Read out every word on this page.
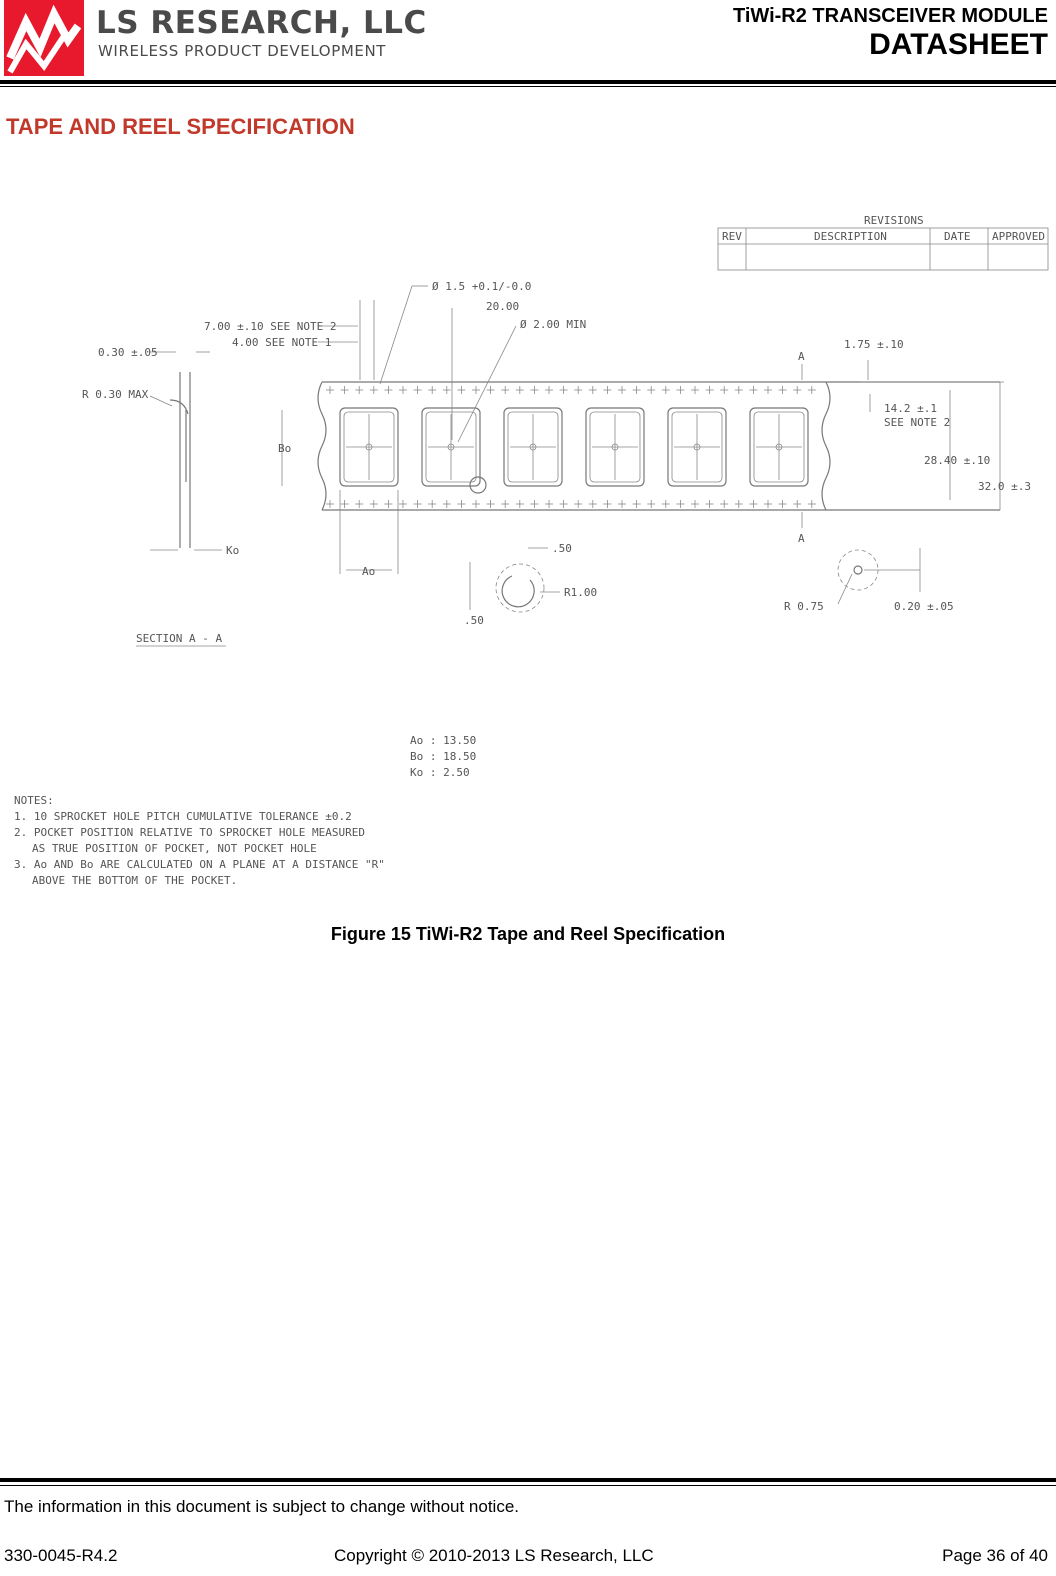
LS RESEARCH, LLC
WIRELESS PRODUCT DEVELOPMENT
TiWi-R2 TRANSCEIVER MODULE
DATASHEET
TAPE AND REEL SPECIFICATION
REVISIONS
REV	DESCRIPTION	DATE APPROVED
0.30 ±.05
R 0.30 MAX
Ko
SECTION A - A
7.00 ±.10 SEE NOTE 2
4.00 SEE NOTE 1
Ø 1.5 +0.1/-0.0
20.00
Ø 2.00 MIN
1.75 ±.10
14.2 ±.1
SEE NOTE 2
28.40 ±.10
32.0 ±.3
Bo
Ao
A
A
.50
R1.00
.50
R 0.75	0.20 ±.05
Ao : 13.50
Bo : 18.50
Ko : 2.50
NOTES:
1. 10 SPROCKET HOLE PITCH CUMULATIVE TOLERANCE ±0.2
2. POCKET POSITION RELATIVE TO SPROCKET HOLE MEASURED
AS TRUE POSITION OF POCKET, NOT POCKET HOLE
3. Ao AND Bo ARE CALCULATED ON A PLANE AT A DISTANCE "R"
ABOVE THE BOTTOM OF THE POCKET.
Figure 15 TiWi-R2 Tape and Reel Specification
The information in this document is subject to change without notice.
330-0045-R4.2	Copyright © 2010-2013 LS Research, LLC	Page 36 of 40
